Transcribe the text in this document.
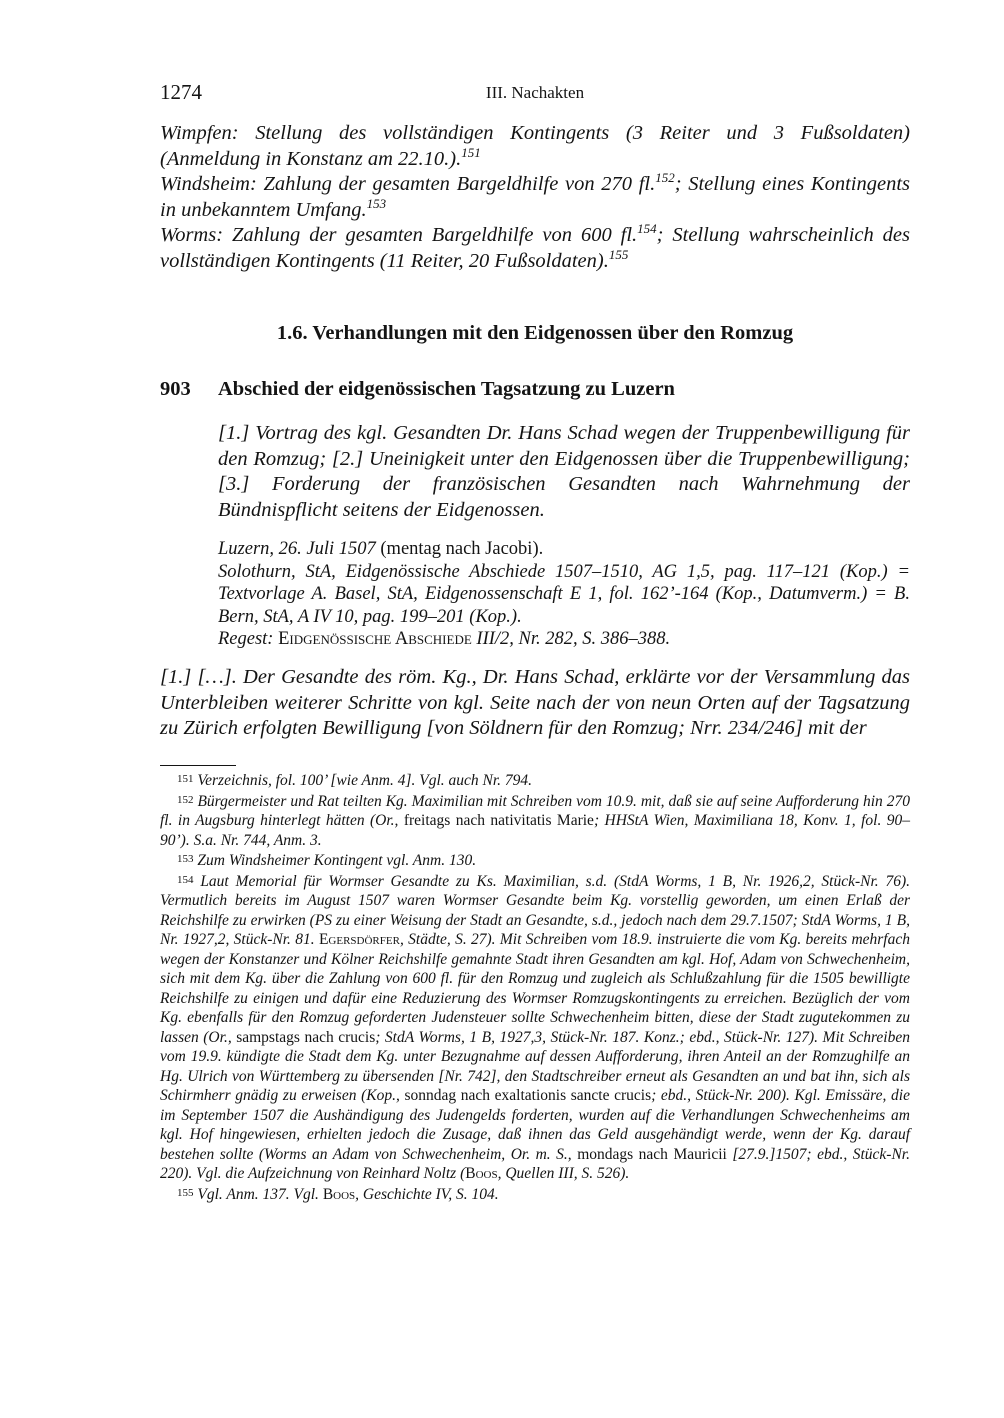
1274	III. Nachakten
Wimpfen: Stellung des vollständigen Kontingents (3 Reiter und 3 Fußsoldaten) (Anmeldung in Konstanz am 22.10.).$^{151}$
Windsheim: Zahlung der gesamten Bargeldhilfe von 270 fl.$^{152}$; Stellung eines Kontingents in unbekanntem Umfang.$^{153}$
Worms: Zahlung der gesamten Bargeldhilfe von 600 fl.$^{154}$; Stellung wahrscheinlich des vollständigen Kontingents (11 Reiter, 20 Fußsoldaten).$^{155}$
1.6. Verhandlungen mit den Eidgenossen über den Romzug
903 Abschied der eidgenössischen Tagsatzung zu Luzern
[1.] Vortrag des kgl. Gesandten Dr. Hans Schad wegen der Truppenbewilligung für den Romzug; [2.] Uneinigkeit unter den Eidgenossen über die Truppenbewilligung; [3.] Forderung der französischen Gesandten nach Wahrnehmung der Bündnispflicht seitens der Eidgenossen.
Luzern, 26. Juli 1507 (mentag nach Jacobi).
Solothurn, StA, Eidgenössische Abschiede 1507–1510, AG 1,5, pag. 117–121 (Kop.) = Textvorlage A. Basel, StA, Eidgenossenschaft E 1, fol. 162’-164 (Kop., Datumverm.) = B. Bern, StA, A IV 10, pag. 199–201 (Kop.).
Regest: Eidgenössische Abschiede III/2, Nr. 282, S. 386–388.
[1.] […]. Der Gesandte des röm. Kg., Dr. Hans Schad, erklärte vor der Versammlung das Unterbleiben weiterer Schritte von kgl. Seite nach der von neun Orten auf der Tagsatzung zu Zürich erfolgten Bewilligung [von Söldnern für den Romzug; Nrr. 234/246] mit der
151 Verzeichnis, fol. 100’ [wie Anm. 4]. Vgl. auch Nr. 794.
152 Bürgermeister und Rat teilten Kg. Maximilian mit Schreiben vom 10.9. mit, daß sie auf seine Aufforderung hin 270 fl. in Augsburg hinterlegt hätten (Or., freitags nach nativitatis Marie; HHStA Wien, Maximiliana 18, Konv. 1, fol. 90–90’). S.a. Nr. 744, Anm. 3.
153 Zum Windsheimer Kontingent vgl. Anm. 130.
154 Laut Memorial für Wormser Gesandte zu Ks. Maximilian, s.d. (StdA Worms, 1 B, Nr. 1926,2, Stück-Nr. 76). Vermutlich bereits im August 1507 waren Wormser Gesandte beim Kg. vorstellig geworden, um einen Erlaß der Reichshilfe zu erwirken (PS zu einer Weisung der Stadt an Gesandte, s.d., jedoch nach dem 29.7.1507; StdA Worms, 1 B, Nr. 1927,2, Stück-Nr. 81. Egersdörfer, Städte, S. 27). Mit Schreiben vom 18.9. instruierte die vom Kg. bereits mehrfach wegen der Konstanzer und Kölner Reichshilfe gemahnte Stadt ihren Gesandten am kgl. Hof, Adam von Schwechenheim, sich mit dem Kg. über die Zahlung von 600 fl. für den Romzug und zugleich als Schlußzahlung für die 1505 bewilligte Reichshilfe zu einigen und dafür eine Reduzierung des Wormser Romzugskontingents zu erreichen. Bezüglich der vom Kg. ebenfalls für den Romzug geforderten Judensteuer sollte Schwechenheim bitten, diese der Stadt zugutekommen zu lassen (Or., sampstags nach crucis; StdA Worms, 1 B, 1927,3, Stück-Nr. 187. Konz.; ebd., Stück-Nr. 127). Mit Schreiben vom 19.9. kündigte die Stadt dem Kg. unter Bezugnahme auf dessen Aufforderung, ihren Anteil an der Romzughilfe an Hg. Ulrich von Württemberg zu übersenden [Nr. 742], den Stadtschreiber erneut als Gesandten an und bat ihn, sich als Schirmherr gnädig zu erweisen (Kop., sonndag nach exaltationis sancte crucis; ebd., Stück-Nr. 200). Kgl. Emissäre, die im September 1507 die Aushändigung des Judengelds forderten, wurden auf die Verhandlungen Schwechenheims am kgl. Hof hingewiesen, erhielten jedoch die Zusage, daß ihnen das Geld ausgehändigt werde, wenn der Kg. darauf bestehen sollte (Worms an Adam von Schwechenheim, Or. m. S., mondags nach Mauricii [27.9.]1507; ebd., Stück-Nr. 220). Vgl. die Aufzeichnung von Reinhard Noltz (Boos, Quellen III, S. 526).
155 Vgl. Anm. 137. Vgl. Boos, Geschichte IV, S. 104.
